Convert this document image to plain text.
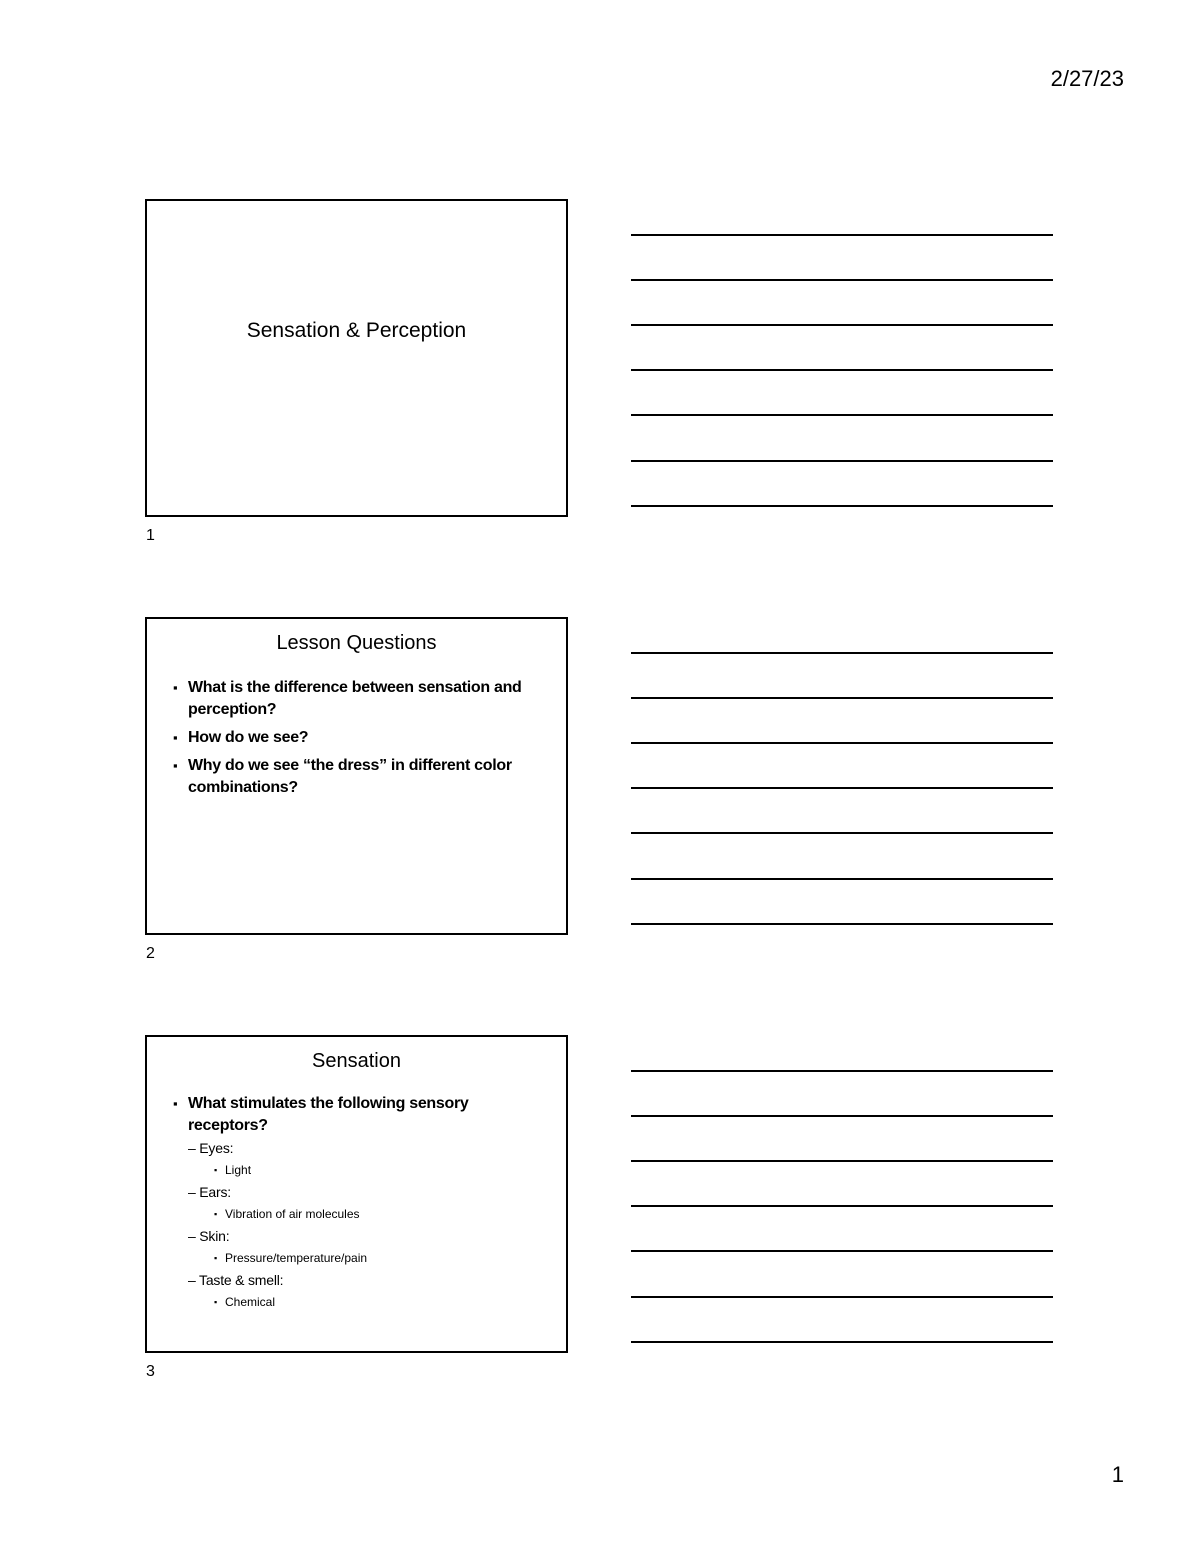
2/27/23
Sensation & Perception
1
Lesson Questions
▪ What is the difference between sensation and perception?
▪ How do we see?
▪ Why do we see “the dress” in different color combinations?
2
Sensation
▪ What stimulates the following sensory receptors?
– Eyes:
▪ Light
– Ears:
▪ Vibration of air molecules
– Skin:
▪ Pressure/temperature/pain
– Taste & smell:
▪ Chemical
3
1
